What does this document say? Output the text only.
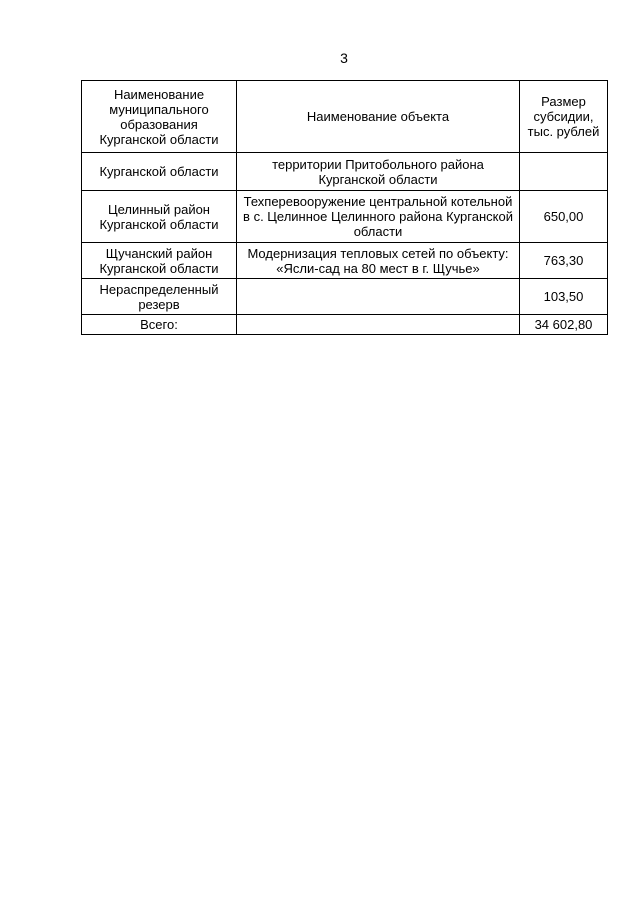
3
Наименование муниципального образования Курганской области	Наименование объекта	Размер субсидии, тыс. рублей
Курганской области	территории Притобольного района Курганской области	
Целинный район Курганской области	Техперевооружение центральной котельной в с. Целинное Целинного района Курганской области	650,00
Щучанский район Курганской области	Модернизация тепловых сетей по объекту: «Ясли-сад на 80 мест в г. Щучье»	763,30
Нераспределенный резерв		103,50
Всего:		34 602,80
